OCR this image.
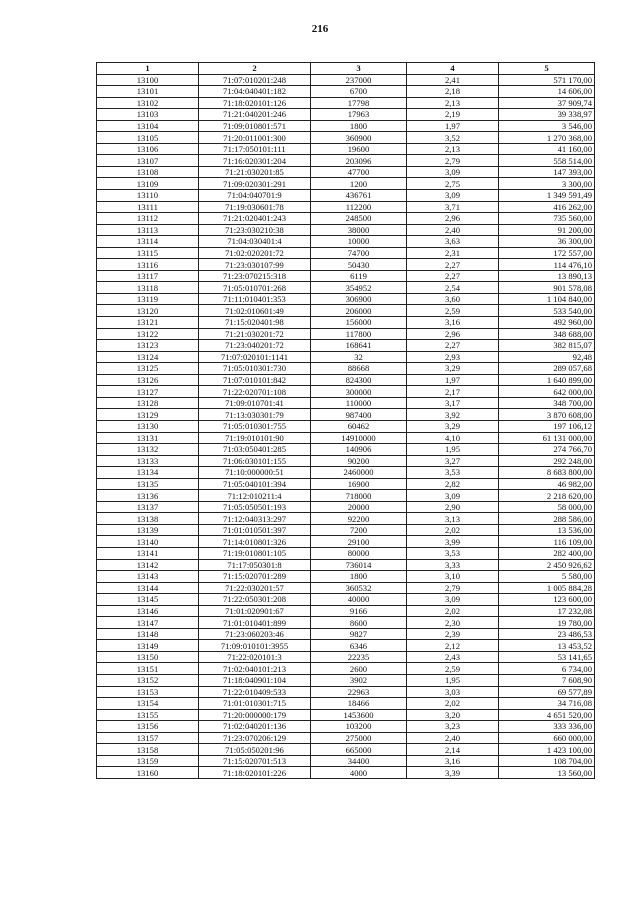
216
1	2	3	4	5
13100	71:07:010201:248	237000	2,41	571 170,00
13101	71:04:040401:182	6700	2,18	14 606,00
13102	71:18:020101:126	17798	2,13	37 909,74
13103	71:21:040201:246	17963	2,19	39 338,97
13104	71:09:010801:571	1800	1,97	3 546,00
13105	71:20:011001:300	360900	3,52	1 270 368,00
13106	71:17:050101:111	19600	2,13	41 160,00
13107	71:16:020301:204	203096	2,79	558 514,00
13108	71:21:030201:85	47700	3,09	147 393,00
13109	71:09:020301:291	1200	2,75	3 300,00
13110	71:04:040701:9	436761	3,09	1 349 591,49
13111	71:19:030601:78	112200	3,71	416 262,00
13112	71:21:020401:243	248500	2,96	735 560,00
13113	71:23:030210:38	38000	2,40	91 200,00
13114	71:04:030401:4	10000	3,63	36 300,00
13115	71:02:020201:72	74700	2,31	172 557,00
13116	71:23:030107:99	50430	2,27	114 476,10
13117	71:23:070215:318	6119	2,27	13 890,13
13118	71:05:010701:268	354952	2,54	901 578,08
13119	71:11:010401:353	306900	3,60	1 104 840,00
13120	71:02:010601:49	206000	2,59	533 540,00
13121	71:15:020401:98	156000	3,16	492 960,00
13122	71:21:030201:72	117800	2,96	348 688,00
13123	71:23:040201:72	168641	2,27	382 815,07
13124	71:07:020101:1141	32	2,93	92,48
13125	71:05:010301:730	88668	3,29	289 057,68
13126	71:07:010101:842	824300	1,97	1 640 899,00
13127	71:22:020701:108	300000	2,17	642 000,00
13128	71:09:010701:41	110000	3,17	348 700,00
13129	71:13:030301:79	987400	3,92	3 870 608,00
13130	71:05:010301:755	60462	3,29	197 106,12
13131	71:19:010101:90	14910000	4,10	61 131 000,00
13132	71:03:050401:285	140906	1,95	274 766,70
13133	71:06:030101:155	90200	3,27	292 248,00
13134	71:10:000000:51	2460000	3,53	8 683 800,00
13135	71:05:040101:394	16900	2,82	46 982,00
13136	71:12:010211:4	718000	3,09	2 218 620,00
13137	71:05:050501:193	20000	2,90	58 000,00
13138	71:12:040313:297	92200	3,13	288 586,00
13139	71:01:010501:397	7200	2,02	13 536,00
13140	71:14:010801:326	29100	3,99	116 109,00
13141	71:19:010801:105	80000	3,53	282 400,00
13142	71:17:050301:8	736014	3,33	2 450 926,62
13143	71:15:020701:289	1800	3,10	5 580,00
13144	71:22:030201:57	360532	2,79	1 005 884,28
13145	71:22:050301:208	40000	3,09	123 600,00
13146	71:01:020901:67	9166	2,02	17 232,08
13147	71:01:010401:899	8600	2,30	19 780,00
13148	71:23:060203:46	9827	2,39	23 486,53
13149	71:09:010101:3955	6346	2,12	13 453,52
13150	71:22:020101:3	22235	2,43	53 141,65
13151	71:02:040101:213	2600	2,59	6 734,00
13152	71:18:040901:104	3902	1,95	7 608,90
13153	71:22:010409:533	22963	3,03	69 577,89
13154	71:01:010301:715	18466	2,02	34 716,08
13155	71:20:000000:179	1453600	3,20	4 651 520,00
13156	71:02:040201:136	103200	3,23	333 336,00
13157	71:23:070206:129	275000	2,40	660 000,00
13158	71:05:050201:96	665000	2,14	1 423 100,00
13159	71:15:020701:513	34400	3,16	108 704,00
13160	71:18:020101:226	4000	3,39	13 560,00
